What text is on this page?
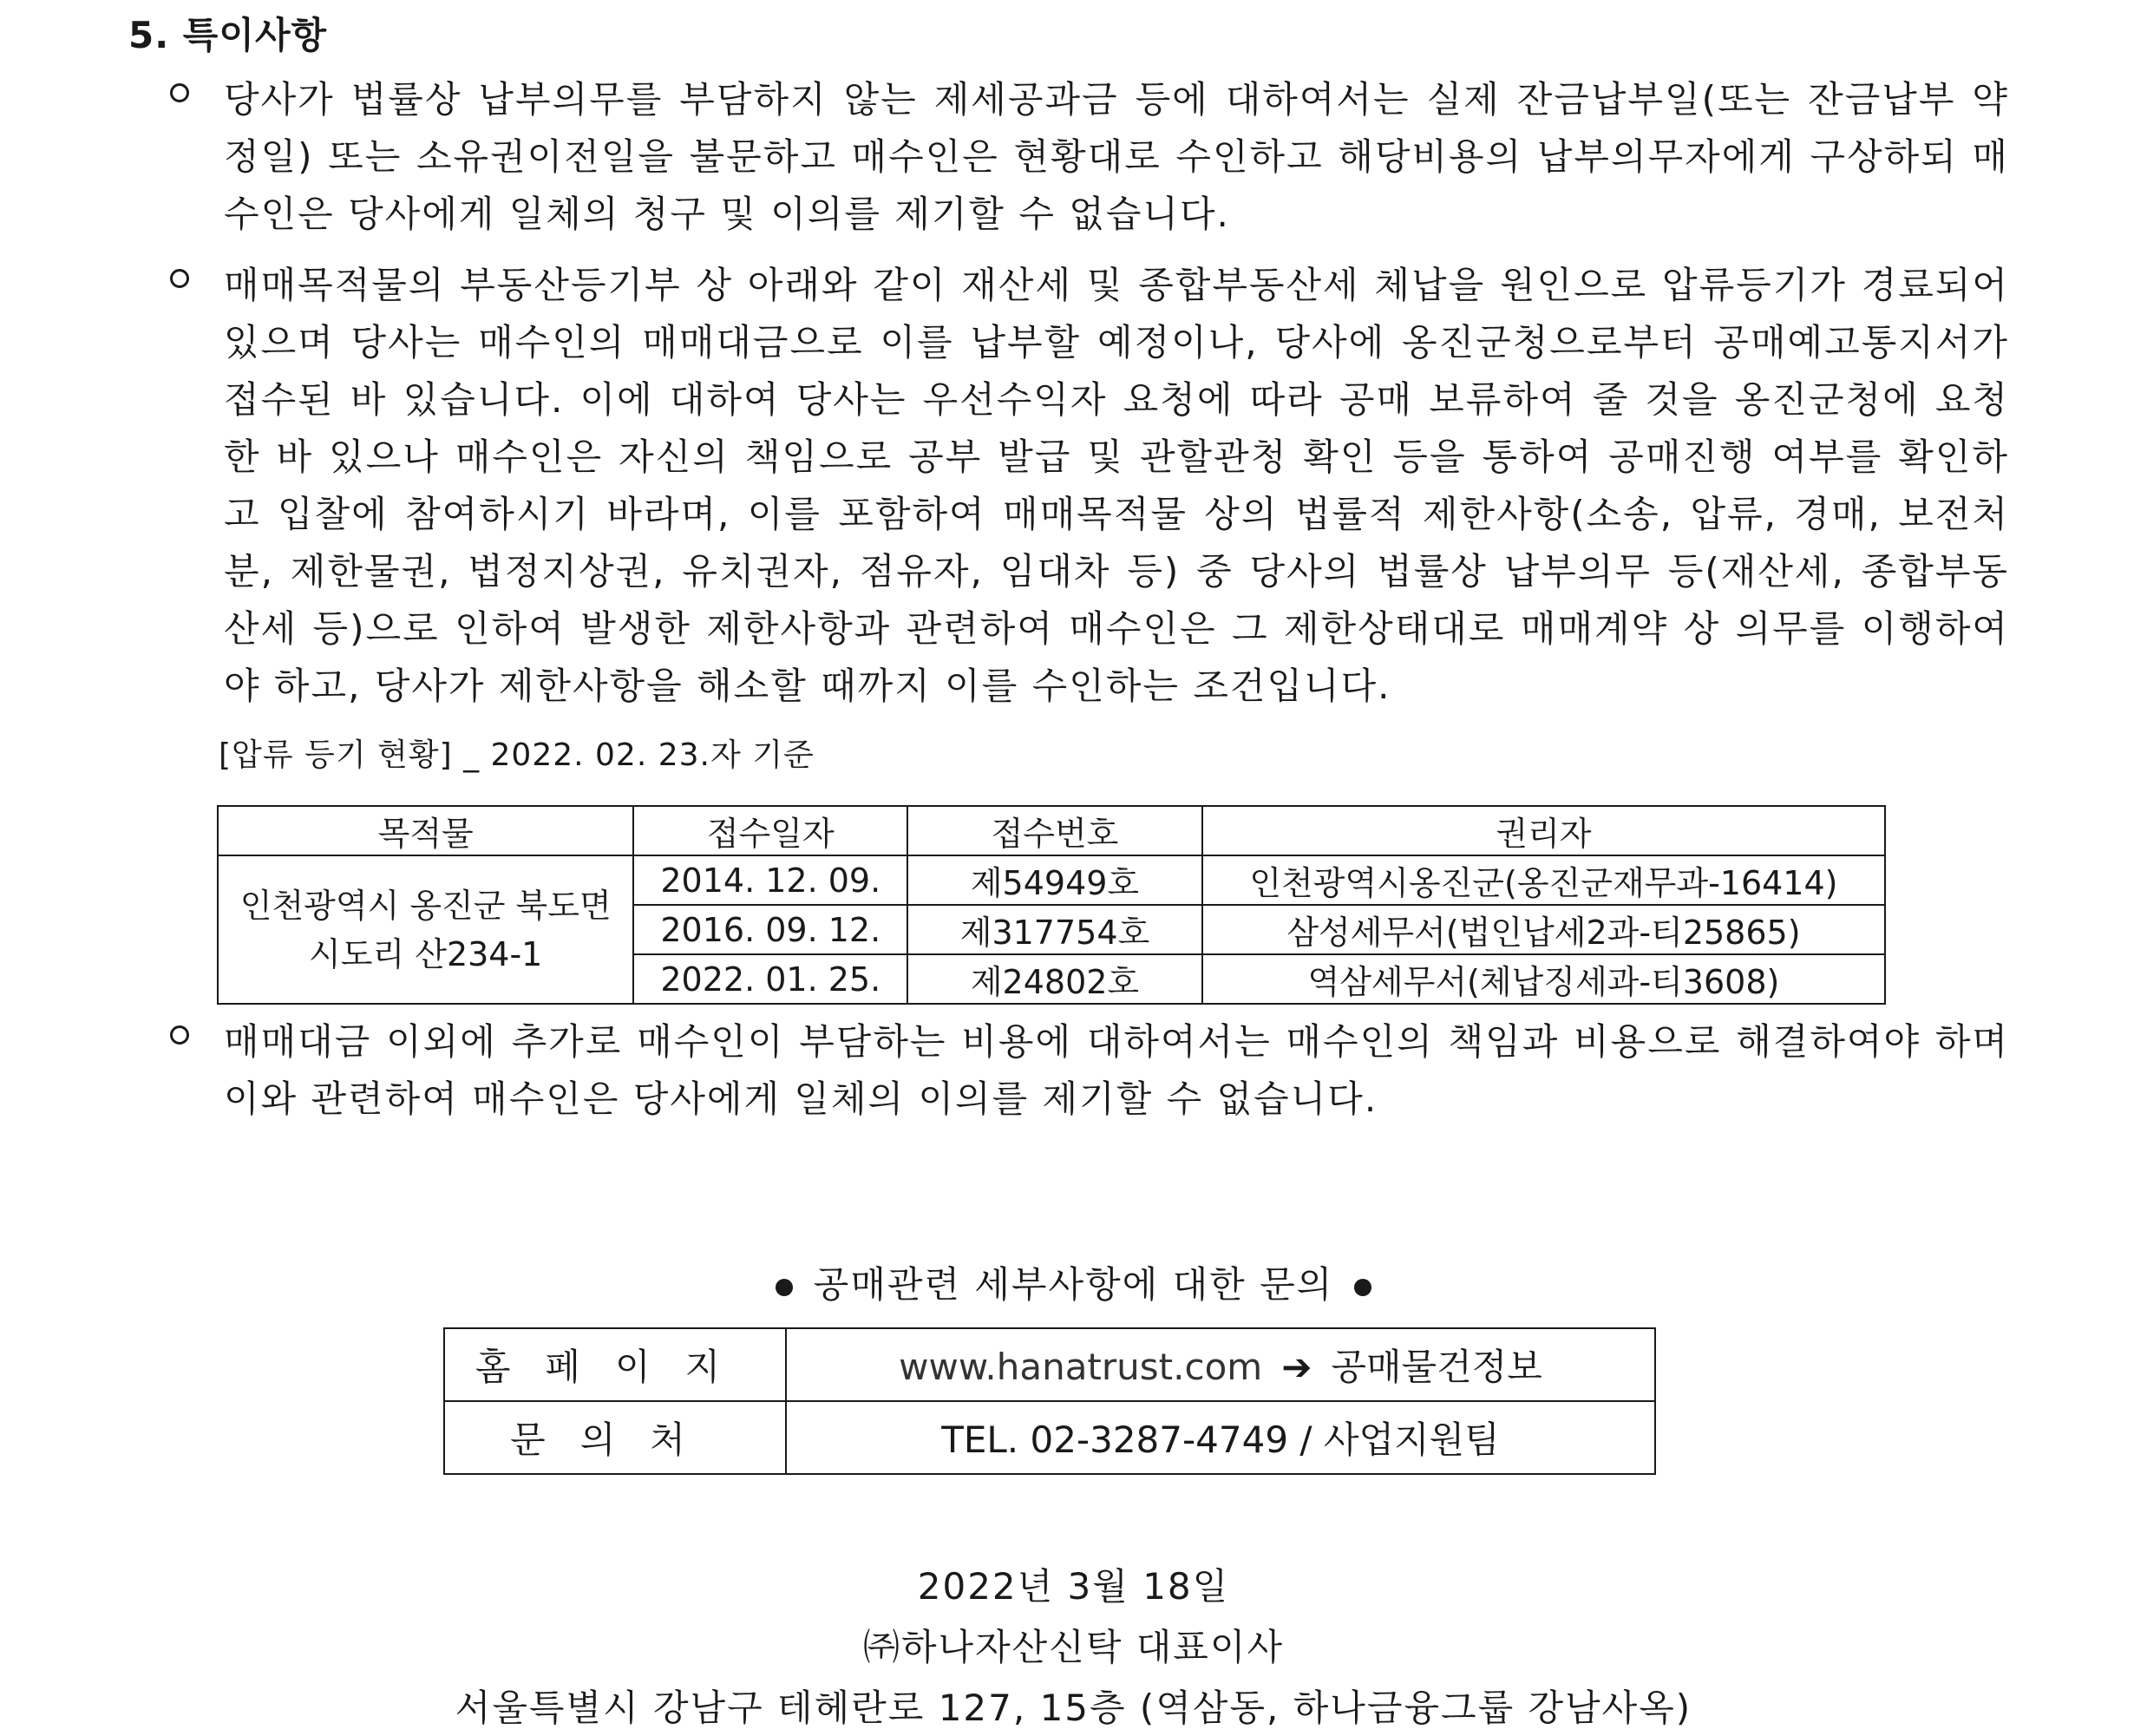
5. 특이사항
당사가 법률상 납부의무를 부담하지 않는 제세공과금 등에 대하여서는 실제 잔금납부일(또는 잔금납부 약정일) 또는 소유권이전일을 불문하고 매수인은 현황대로 수인하고 해당비용의 납부의무자에게 구상하되 매수인은 당사에게 일체의 청구 및 이의를 제기할 수 없습니다.
매매목적물의 부동산등기부 상 아래와 같이 재산세 및 종합부동산세 체납을 원인으로 압류등기가 경료되어 있으며 당사는 매수인의 매매대금으로 이를 납부할 예정이나, 당사에 옹진군청으로부터 공매예고통지서가 접수된 바 있습니다. 이에 대하여 당사는 우선수익자 요청에 따라 공매 보류하여 줄 것을 옹진군청에 요청한 바 있으나 매수인은 자신의 책임으로 공부 발급 및 관할관청 확인 등을 통하여 공매진행 여부를 확인하고 입찰에 참여하시기 바라며, 이를 포함하여 매매목적물 상의 법률적 제한사항(소송, 압류, 경매, 보전처분, 제한물권, 법정지상권, 유치권자, 점유자, 임대차 등) 중 당사의 법률상 납부의무 등(재산세, 종합부동산세 등)으로 인하여 발생한 제한사항과 관련하여 매수인은 그 제한상태대로 매매계약 상 의무를 이행하여야 하고, 당사가 제한사항을 해소할 때까지 이를 수인하는 조건입니다.
[압류 등기 현황] _ 2022. 02. 23.자 기준
목적물	접수일자	접수번호	권리자
인천광역시 옹진군 북도면
시도리 산234-1	2014. 12. 09.	제54949호	인천광역시옹진군(옹진군재무과-16414)
	2016. 09. 12.	제317754호	삼성세무서(법인납세2과-티25865)
	2022. 01. 25.	제24802호	역삼세무서(체납징세과-티3608)
매매대금 이외에 추가로 매수인이 부담하는 비용에 대하여서는 매수인의 책임과 비용으로 해결하여야 하며 이와 관련하여 매수인은 당사에게 일체의 이의를 제기할 수 없습니다.
공매관련 세부사항에 대한 문의
홈페이지	www.hanatrust.com ➔ 공매물건정보
문의처	TEL. 02-3287-4749 / 사업지원팀
2022년 3월 18일
㈜하나자산신탁 대표이사
서울특별시 강남구 테헤란로 127, 15층 (역삼동, 하나금융그룹 강남사옥)
